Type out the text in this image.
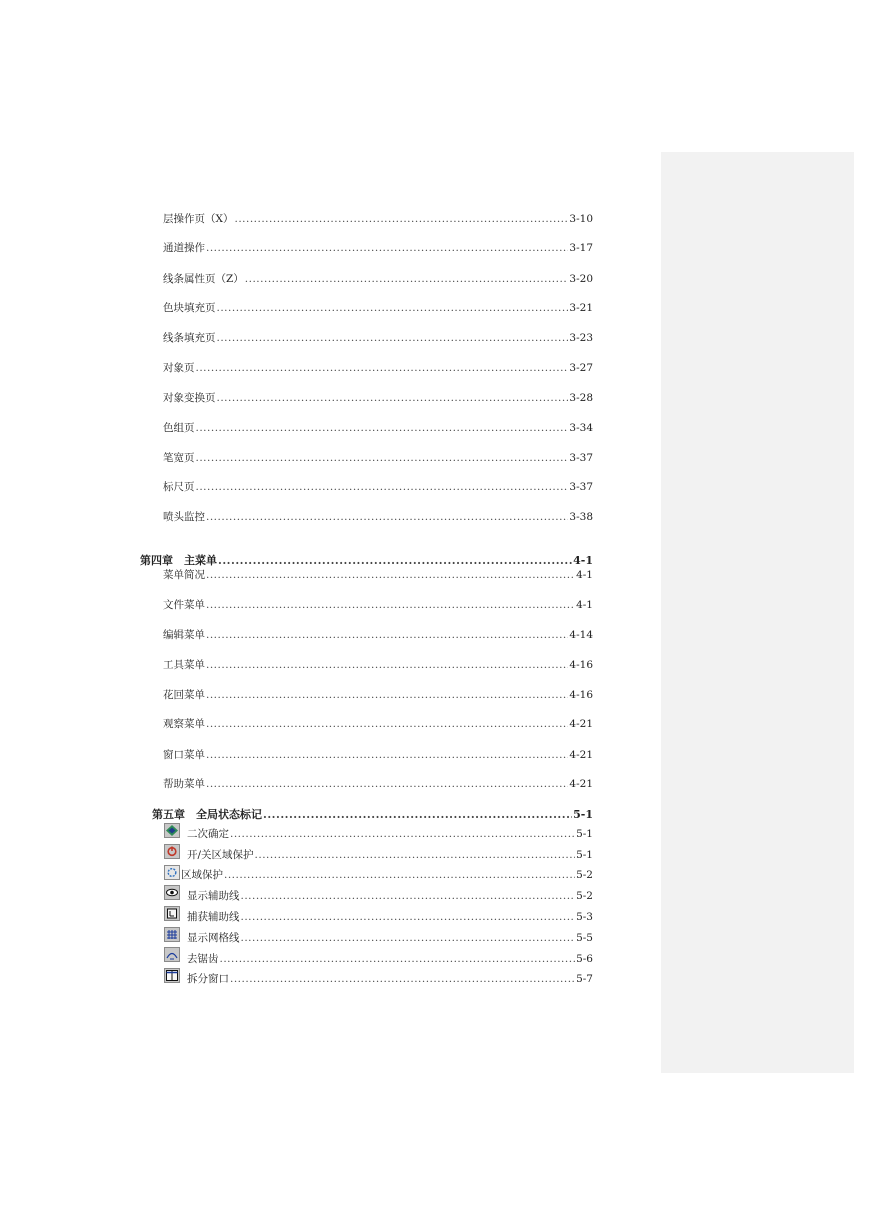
层操作页（X） .....	3-10
通道操作 .....	3-17
线条属性页（Z） .....	3-20
色块填充页 .....	3-21
线条填充页 .....	3-23
对象页 .....	3-27
对象变换页 .....	3-28
色组页 .....	3-34
笔宽页 .....	3-37
标尺页 .....	3-37
喷头监控 .....	3-38
第四章　主菜单 .....	4-1
菜单简况 .....	4-1
文件菜单 .....	4-1
编辑菜单 .....	4-14
工具菜单 .....	4-16
花回菜单 .....	4-16
观察菜单 .....	4-21
窗口菜单 .....	4-21
帮助菜单 .....	4-21
第五章　全局状态标记 .....	5-1
二次确定 .....	5-1
开/关区域保护 .....	5-1
区域保护 .....	5-2
显示辅助线 .....	5-2
捕获辅助线 .....	5-3
显示网格线 .....	5-5
去锯齿 .....	5-6
拆分窗口 .....	5-7
